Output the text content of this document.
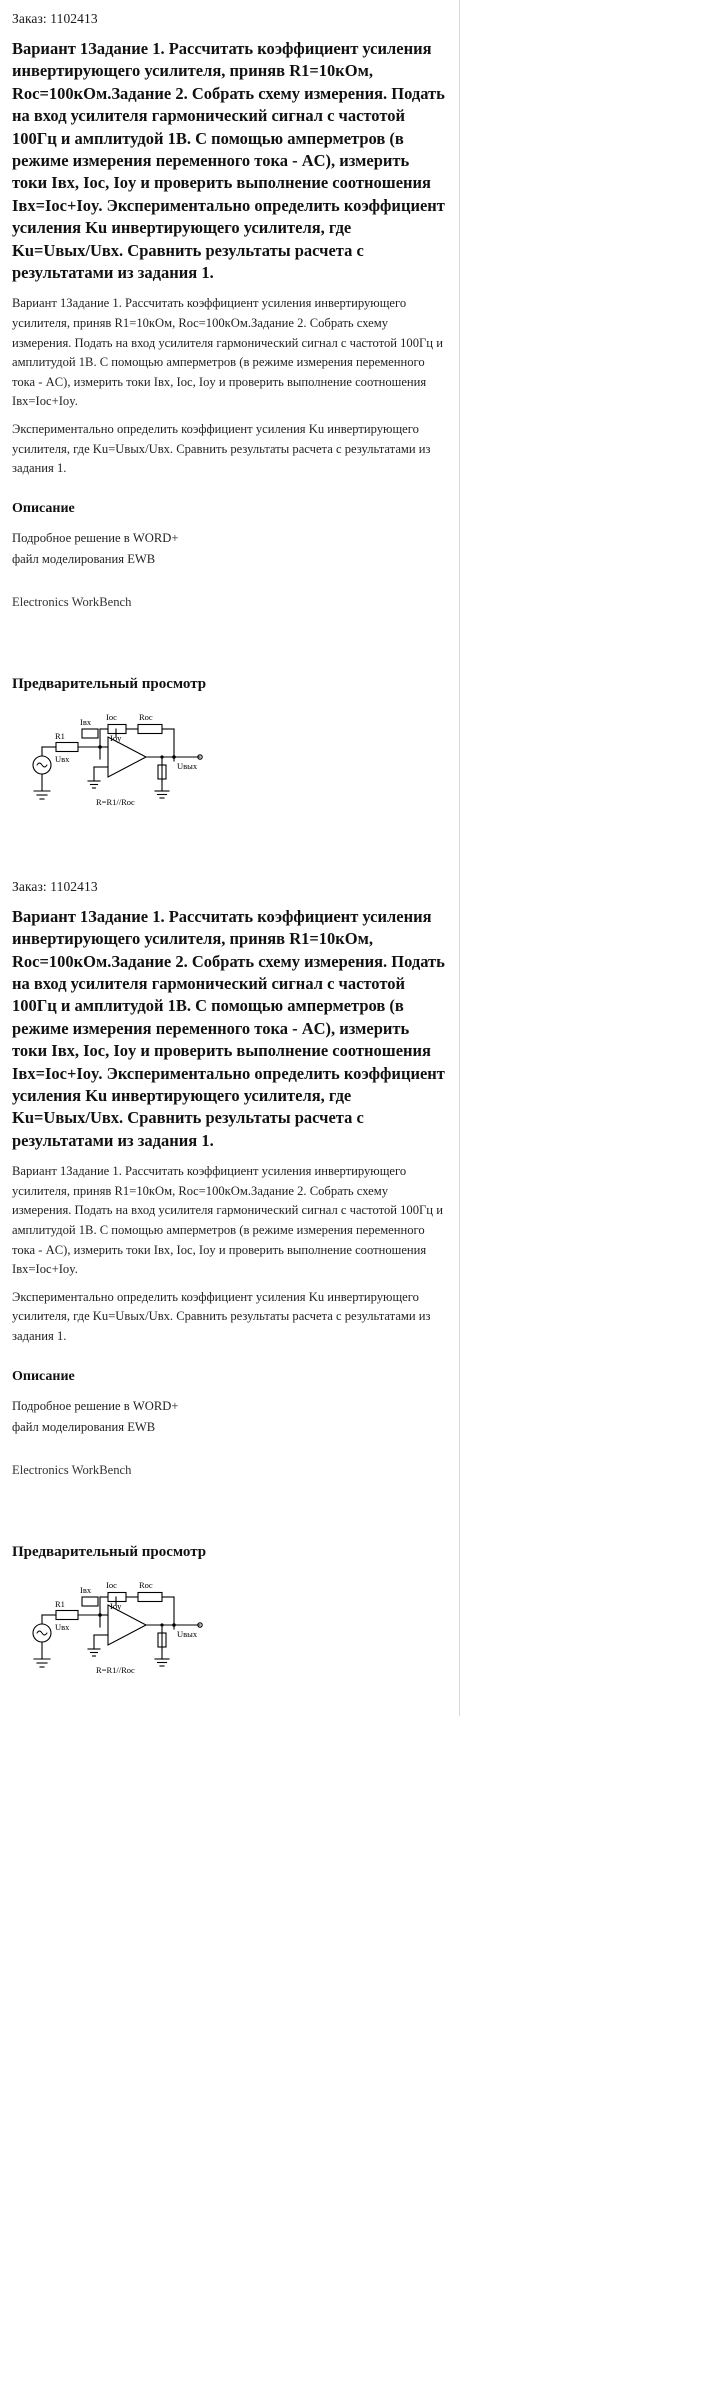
Заказ: 1102413
Вариант 1Задание 1. Рассчитать коэффициент усиления инвертирующего усилителя, приняв R1=10кОм, Roc=100кОм.Задание 2. Собрать схему измерения. Подать на вход усилителя гармонический сигнал с частотой 100Гц и амплитудой 1В. С помощью амперметров (в режиме измерения переменного тока - AC), измерить токи Iвх, Ioc, Ioy и проверить выполнение соотношения Iвх=Ioc+Ioy. Экспериментально определить коэффициент усиления Ku инвертирующего усилителя, где Ku=Uвых/Uвх. Сравнить результаты расчета с результатами из задания 1.

Вариант 1Задание 1. Рассчитать коэффициент усиления инвертирующего усилителя, приняв R1=10кОм, Roc=100кОм.Задание 2. Собрать схему измерения. Подать на вход усилителя гармонический сигнал с частотой 100Гц и амплитудой 1В. С помощью амперметров (в режиме измерения переменного тока - AC), измерить токи Iвх, Ioc, Ioy и проверить выполнение соотношения Iвх=Ioc+Ioy.

Экспериментально определить коэффициент усиления Ku инвертирующего усилителя, где Ku=Uвых/Uвх. Сравнить результаты расчета с результатами из задания 1.

Описание
Подробное решение в WORD+
файл моделирования EWB
Electronics WorkBench
Предварительный просмотр
Ioc	Roc
R1
Iвх
Ioy
Uвх
Uвых
R=R1//Roc
Заказ: 1102413
Вариант 1Задание 1. Рассчитать коэффициент усиления инвертирующего усилителя, приняв R1=10кОм, Roc=100кОм.Задание 2. Собрать схему измерения. Подать на вход усилителя гармонический сигнал с частотой 100Гц и амплитудой 1В. С помощью амперметров (в режиме измерения переменного тока - AC), измерить токи Iвх, Ioc, Ioy и проверить выполнение соотношения Iвх=Ioc+Ioy. Экспериментально определить коэффициент усиления Ku инвертирующего усилителя, где Ku=Uвых/Uвх. Сравнить результаты расчета с результатами из задания 1.

Вариант 1Задание 1. Рассчитать коэффициент усиления инвертирующего усилителя, приняв R1=10кОм, Roc=100кОм.Задание 2. Собрать схему измерения. Подать на вход усилителя гармонический сигнал с частотой 100Гц и амплитудой 1В. С помощью амперметров (в режиме измерения переменного тока - AC), измерить токи Iвх, Ioc, Ioy и проверить выполнение соотношения Iвх=Ioc+Ioy.

Экспериментально определить коэффициент усиления Ku инвертирующего усилителя, где Ku=Uвых/Uвх. Сравнить результаты расчета с результатами из задания 1.

Описание
Подробное решение в WORD+
файл моделирования EWB
Electronics WorkBench
Предварительный просмотр
Ioc	Roc
R1
Iвх
Ioy
Uвх
Uвых
R=R1//Roc
